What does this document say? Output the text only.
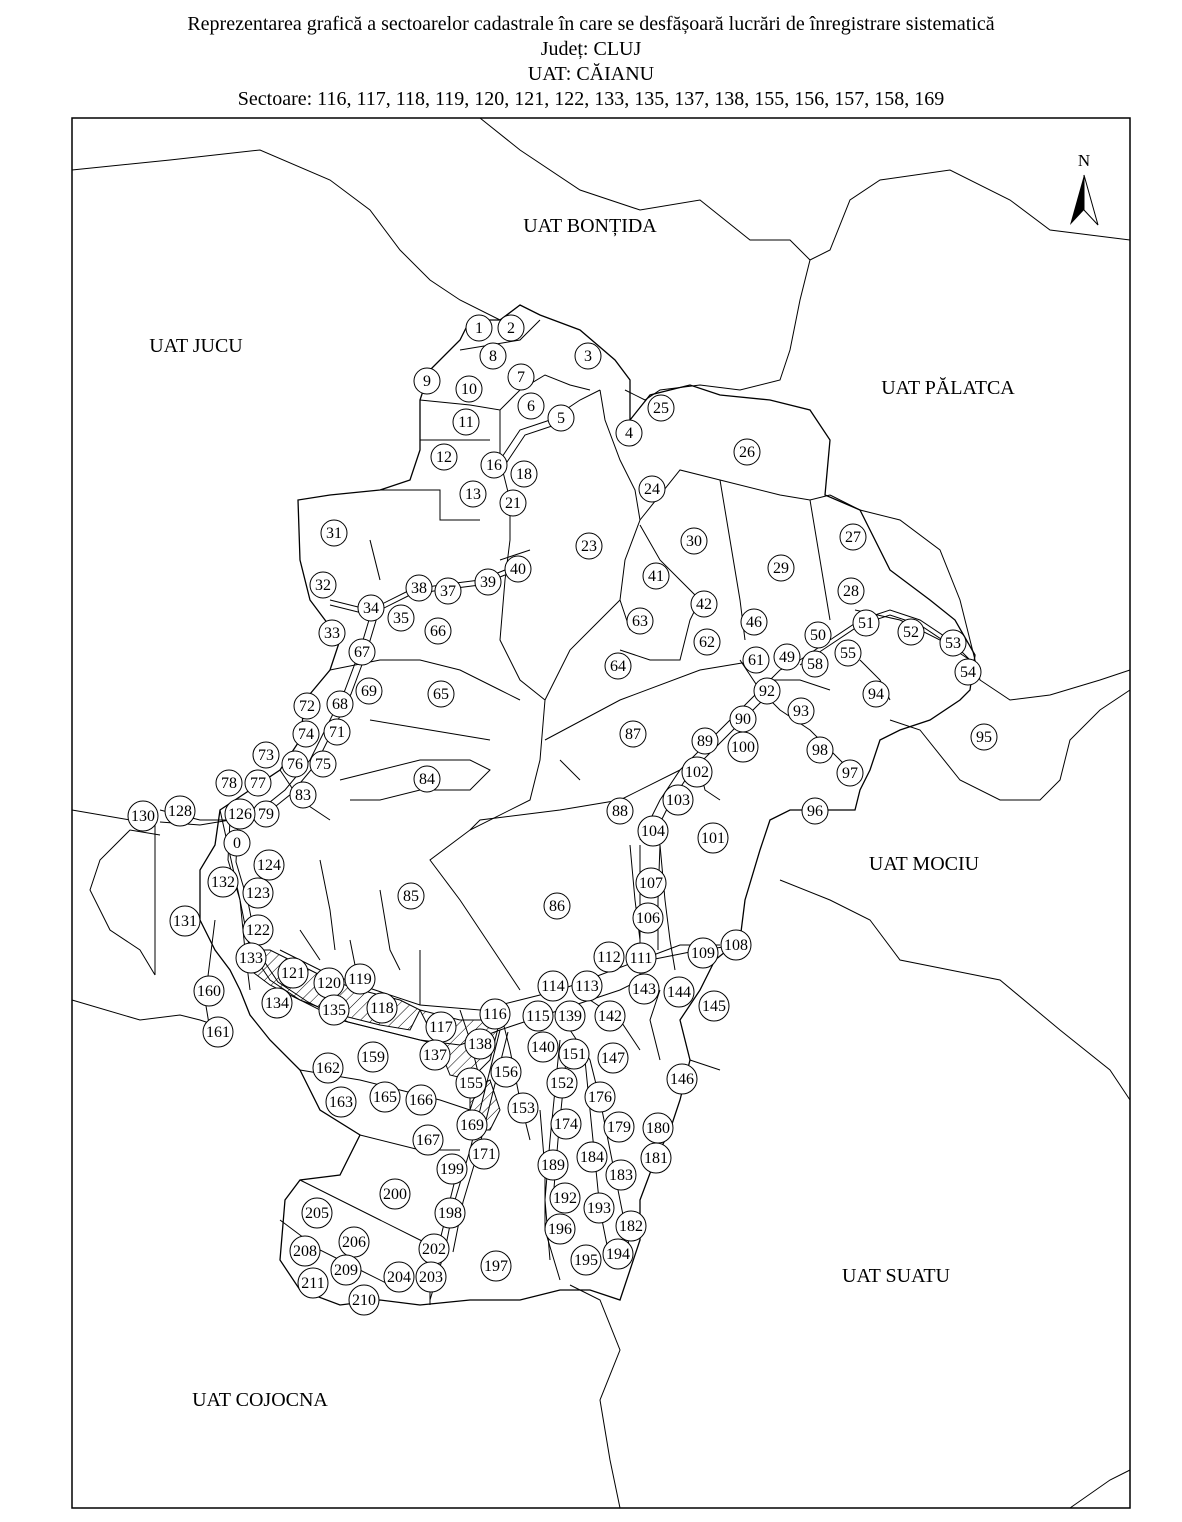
Reprezentarea grafică a sectoarelor cadastrale în care se desfășoară lucrări de înregistrare sistematică
Județ: CLUJ
UAT: CĂIANU
Sectoare: 116, 117, 118, 119, 120, 121, 122, 133, 135, 137, 138, 155, 156, 157, 158, 169
UAT BONȚIDA
UAT JUCU
UAT PĂLATCA
UAT MOCIU
UAT SUATU
UAT COJOCNA
N
1 2
3
4
5
6
7
8
9 10
11
12
13
16
18
21
23
24
25
26
27
28
29
30
31
32
33
34
35
37
38	39
40	41
42
46
49
50
51
52
53
54
55
58
61
62
63
64
65
66
67
68
69
71
72
73
74
75
76
77
78
79
83
84
85
86
87
88
89
90
92
93
94
95
96
97
98
100
101
102
103
104
106
107
108
109
111
112
113
114
115
116
117
118
119
120
121
122
123
124
126
128
130
131
132
133
134 135
137
138
139
140
142
143 144
145
146
147
151
152
153
155
156
159
160
161
162
163 165 166
167
169
171
174
176
179 180
181
182
183
184
189
192
193
194
195
196
197
198
199
200
202
203
204
205
206
208
209
210
211
0
